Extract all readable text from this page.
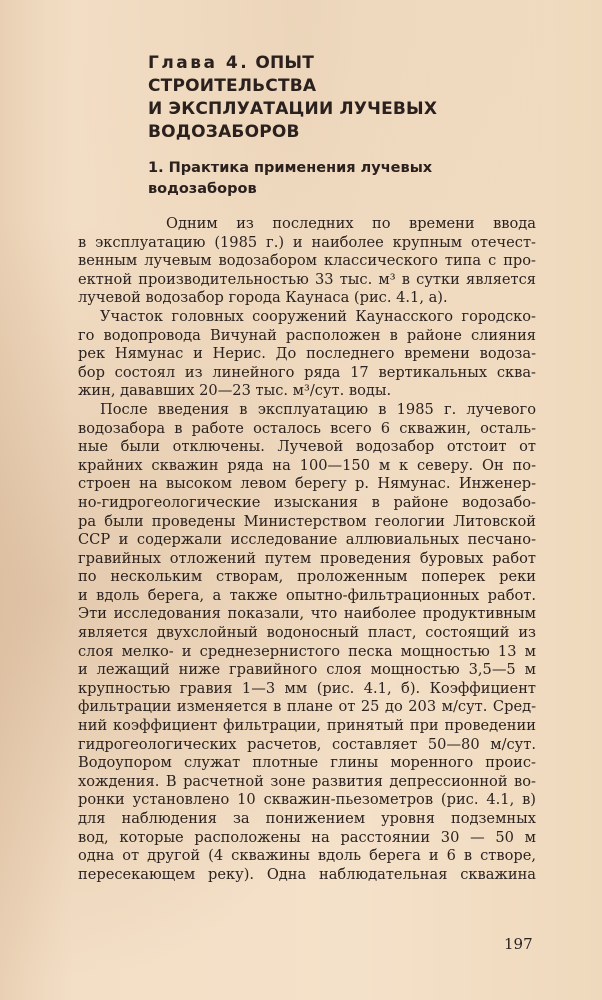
Глава 4. ОПЫТ СТРОИТЕЛЬСТВА
И ЭКСПЛУАТАЦИИ ЛУЧЕВЫХ
ВОДОЗАБОРОВ
1. Практика применения лучевых
водозаборов
Одним из последних по времени ввода
в эксплуатацию (1985 г.) и наиболее крупным отечест-
венным лучевым водозабором классического типа с про-
ектной производительностью 33 тыс. м³ в сутки является
лучевой водозабор города Каунаса (рис. 4.1, а).
Участок головных сооружений Каунасского городско-
го водопровода Вичунай расположен в районе слияния
рек Нямунас и Нерис. До последнего времени водоза-
бор состоял из линейного ряда 17 вертикальных сква-
жин, дававших 20—23 тыс. м³/сут. воды.
После введения в эксплуатацию в 1985 г. лучевого
водозабора в работе осталось всего 6 скважин, осталь-
ные были отключены. Лучевой водозабор отстоит от
крайних скважин ряда на 100—150 м к северу. Он по-
строен на высоком левом берегу р. Нямунас. Инженер-
но-гидрогеологические изыскания в районе водозабо-
ра были проведены Министерством геологии Литовской
ССР и содержали исследование аллювиальных песчано-
гравийных отложений путем проведения буровых работ
по нескольким створам, проложенным поперек реки
и вдоль берега, а также опытно-фильтрационных работ.
Эти исследования показали, что наиболее продуктивным
является двухслойный водоносный пласт, состоящий из
слоя мелко- и среднезернистого песка мощностью 13 м
и лежащий ниже гравийного слоя мощностью 3,5—5 м
крупностью гравия 1—3 мм (рис. 4.1, б). Коэффициент
фильтрации изменяется в плане от 25 до 203 м/сут. Сред-
ний коэффициент фильтрации, принятый при проведении
гидрогеологических расчетов, составляет 50—80 м/сут.
Водоупором служат плотные глины моренного проис-
хождения. В расчетной зоне развития депрессионной во-
ронки установлено 10 скважин-пьезометров (рис. 4.1, в)
для наблюдения за понижением уровня подземных
вод, которые расположены на расстоянии 30 — 50 м
одна от другой (4 скважины вдоль берега и 6 в створе,
пересекающем реку). Одна наблюдательная скважина
197
